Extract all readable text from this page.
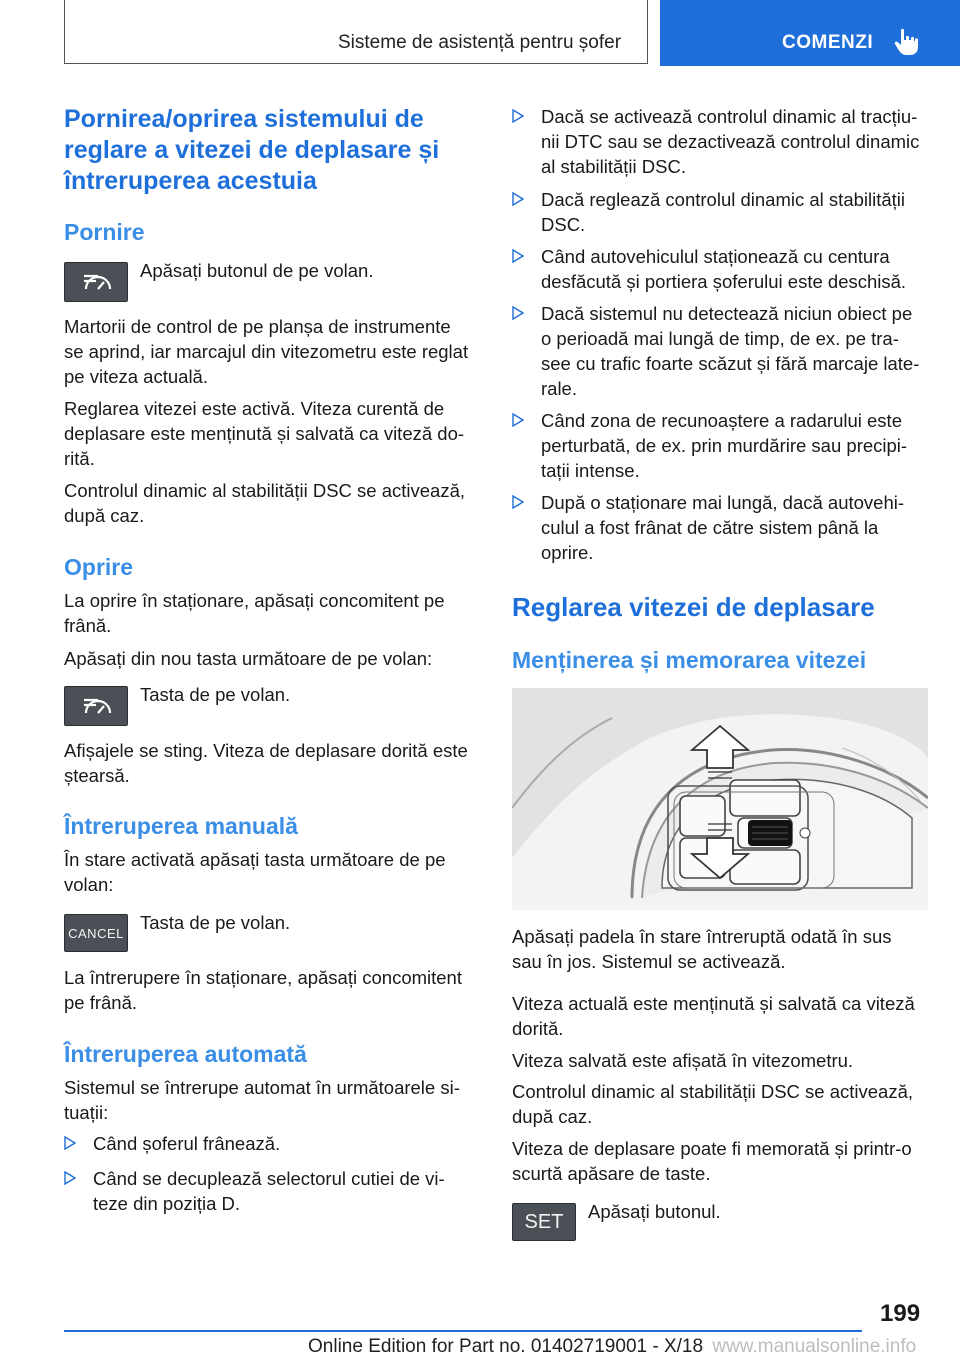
Sisteme de asistență pentru șofer	COMENZI
Pornirea/oprirea sistemului de
reglare a vitezei de deplasare și
întreruperea acestuia
Pornire

Apăsați butonul de pe volan.

Martorii de control de pe planșa de instrumente
se aprind, iar marcajul din vitezometru este reglat
pe viteza actuală.

Reglarea vitezei este activă. Viteza curentă de
deplasare este menținută și salvată ca viteză do‐
rită.

Controlul dinamic al stabilității DSC se activează,
după caz.

Oprire

La oprire în staționare, apăsați concomitent pe
frână.

Apăsați din nou tasta următoare de pe volan:

Tasta de pe volan.

Afișajele se sting. Viteza de deplasare dorită este
ștearsă.

Întreruperea manuală

În stare activată apăsați tasta următoare de pe
volan:

CANCEL Tasta de pe volan.

La întrerupere în staționare, apăsați concomitent
pe frână.

Întreruperea automată

Sistemul se întrerupe automat în următoarele si‐
tuații:

Când șoferul frânează.
Când se decuplează selectorul cutiei de vi‐
teze din poziția D.
Dacă se activează controlul dinamic al tracțiu‐
nii DTC sau se dezactivează controlul dinamic
al stabilității DSC.
Dacă reglează controlul dinamic al stabilității
DSC.
Când autovehiculul staționează cu centura
desfăcută și portiera șoferului este deschisă.
Dacă sistemul nu detectează niciun obiect pe
o perioadă mai lungă de timp, de ex. pe tra‐
see cu trafic foarte scăzut și fără marcaje late‐
rale.
Când zona de recunoaștere a radarului este
perturbată, de ex. prin murdărire sau precipi‐
tații intense.
După o staționare mai lungă, dacă autovehi‐
culul a fost frânat de către sistem până la
oprire.
Reglarea vitezei de deplasare
Menținerea și memorarea vitezei

Apăsați padela în stare întreruptă odată în sus
sau în jos. Sistemul se activează.

Viteza actuală este menținută și salvată ca viteză
dorită.

Viteza salvată este afișată în vitezometru.

Controlul dinamic al stabilității DSC se activează,
după caz.

Viteza de deplasare poate fi memorată și printr-o
scurtă apăsare de taste.

SET Apăsați butonul.

199
Online Edition for Part no. 01402719001 - X/18 www.manualsonline.info
